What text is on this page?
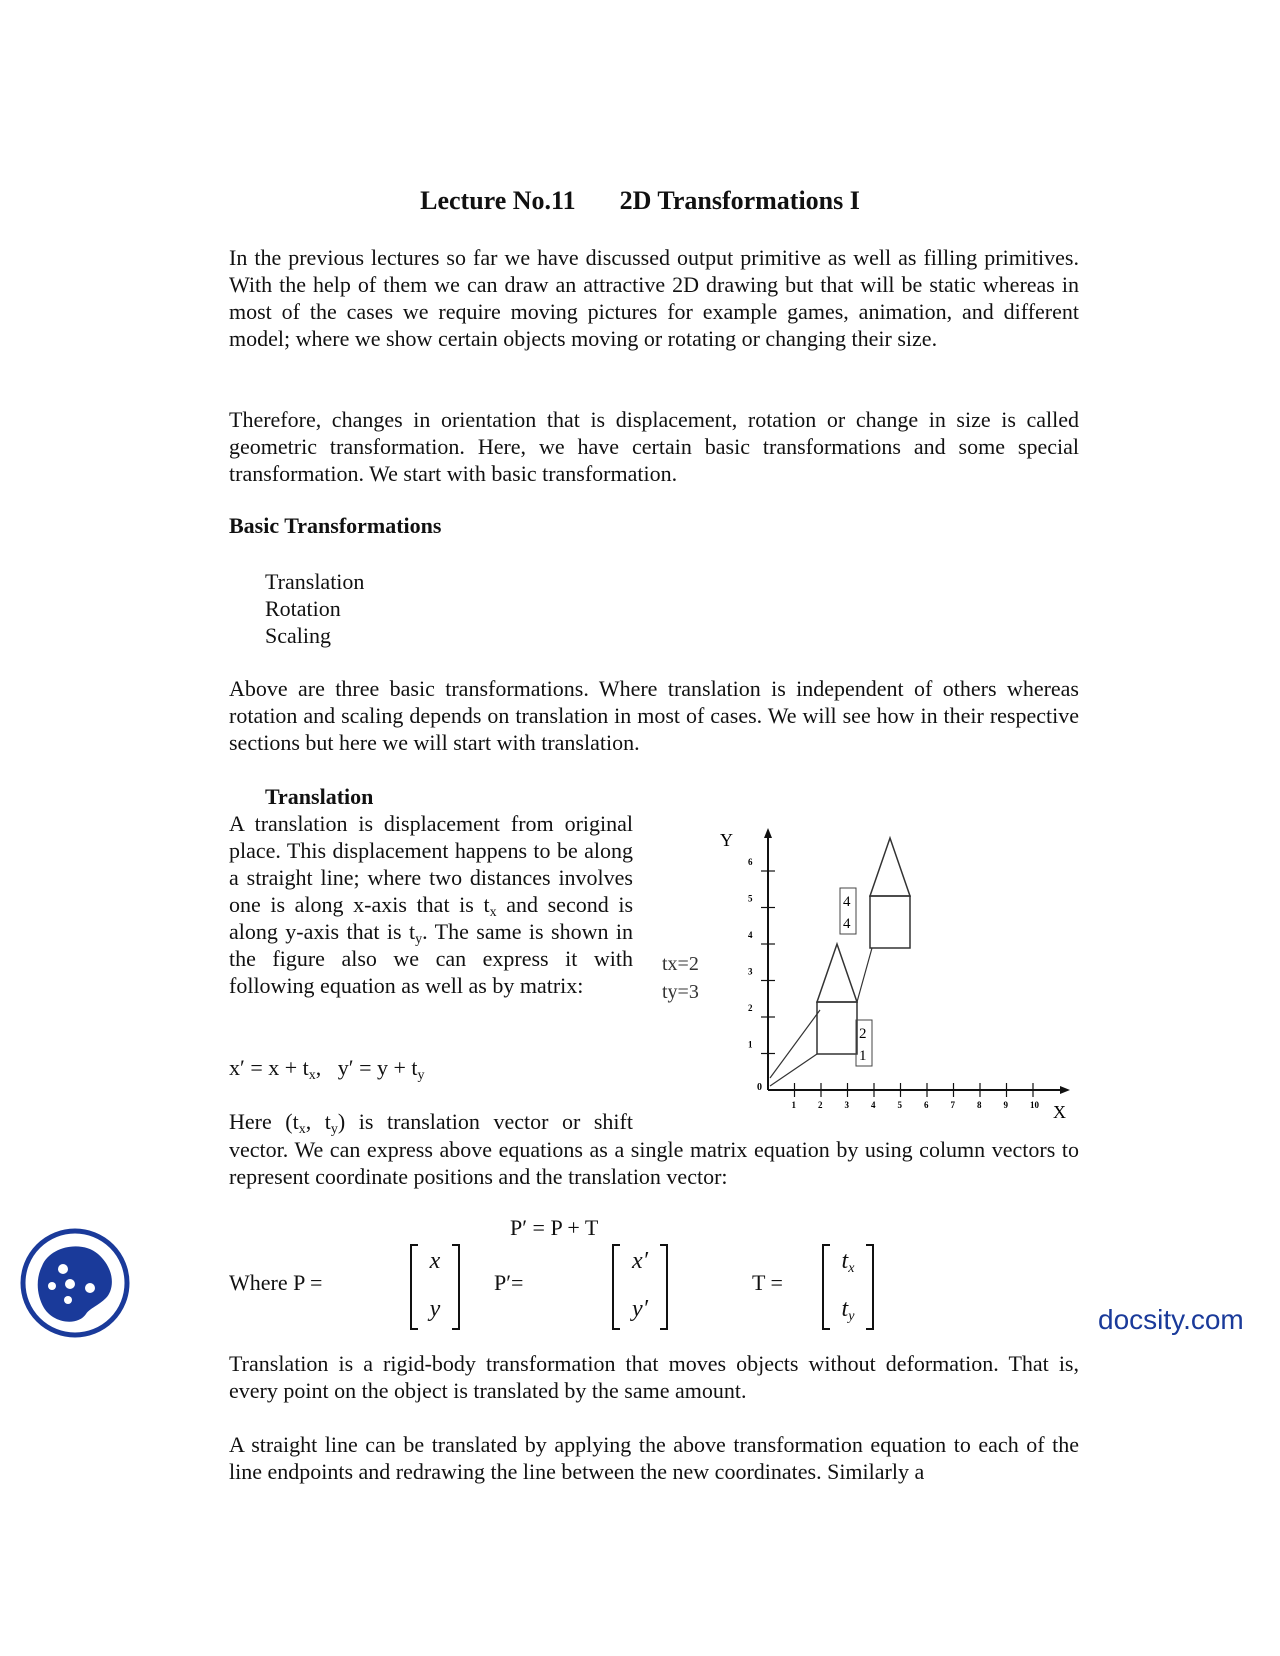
Lecture No.11 2D Transformations I

In the previous lectures so far we have discussed output primitive as well as filling primitives. With the help of them we can draw an attractive 2D drawing but that will be static whereas in most of the cases we require moving pictures for example games, animation, and different model; where we show certain objects moving or rotating or changing their size.

Therefore, changes in orientation that is displacement, rotation or change in size is called geometric transformation. Here, we have certain basic transformations and some special transformation. We start with basic transformation.

Basic Transformations
Translation
Rotation
Scaling

Above are three basic transformations. Where translation is independent of others whereas rotation and scaling depends on translation in most of cases. We will see how in their respective sections but here we will start with translation.

Translation

A translation is displacement from original place. This displacement happens to be along a straight line; where two distances involves one is along x-axis that is $t_x$ and second is along y-axis that is $t_y$. The same is shown in the figure also we can express it with following equation as well as by matrix:

$x' = x + t_x$,   $y' = y + t_y$
Here ($t_x$, $t_y$) is translation vector or shift

vector. We can express above equations as a single matrix equation by using column vectors to represent coordinate positions and the translation vector:

P′ = P + T
Where P =
x
y
P′=
x′
y′
T =
$t_x$
$t_y$

Translation is a rigid-body transformation that moves objects without deformation. That is, every point on the object is translated by the same amount.

A straight line can be translated by applying the above transformation equation to each of the line endpoints and redrawing the line between the new coordinates. Similarly a

tx=2
ty=3
Y
X
0
1 2 3 4 5 6 7 8 9 10
1
2
3
4
5
6
2
1
4
4
docsity.com
